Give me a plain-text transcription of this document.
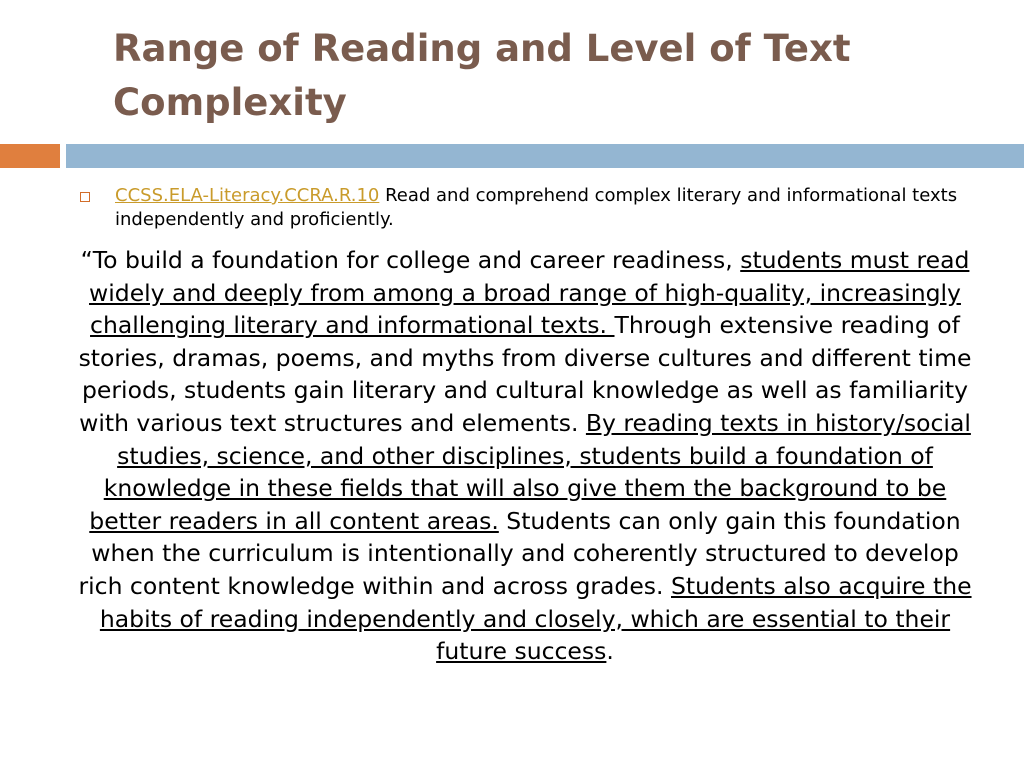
Range of Reading and Level of Text
Complexity
CCSS.ELA-Literacy.CCRA.R.10 Read and comprehend complex literary and informational texts independently and proficiently.

“To build a foundation for college and career readiness, students must read widely and deeply from among a broad range of high-quality, increasingly challenging literary and informational texts. Through extensive reading of stories, dramas, poems, and myths from diverse cultures and different time periods, students gain literary and cultural knowledge as well as familiarity with various text structures and elements. By reading texts in history/social studies, science, and other disciplines, students build a foundation of knowledge in these fields that will also give them the background to be better readers in all content areas. Students can only gain this foundation when the curriculum is intentionally and coherently structured to develop rich content knowledge within and across grades. Students also acquire the habits of reading independently and closely, which are essential to their future success.
